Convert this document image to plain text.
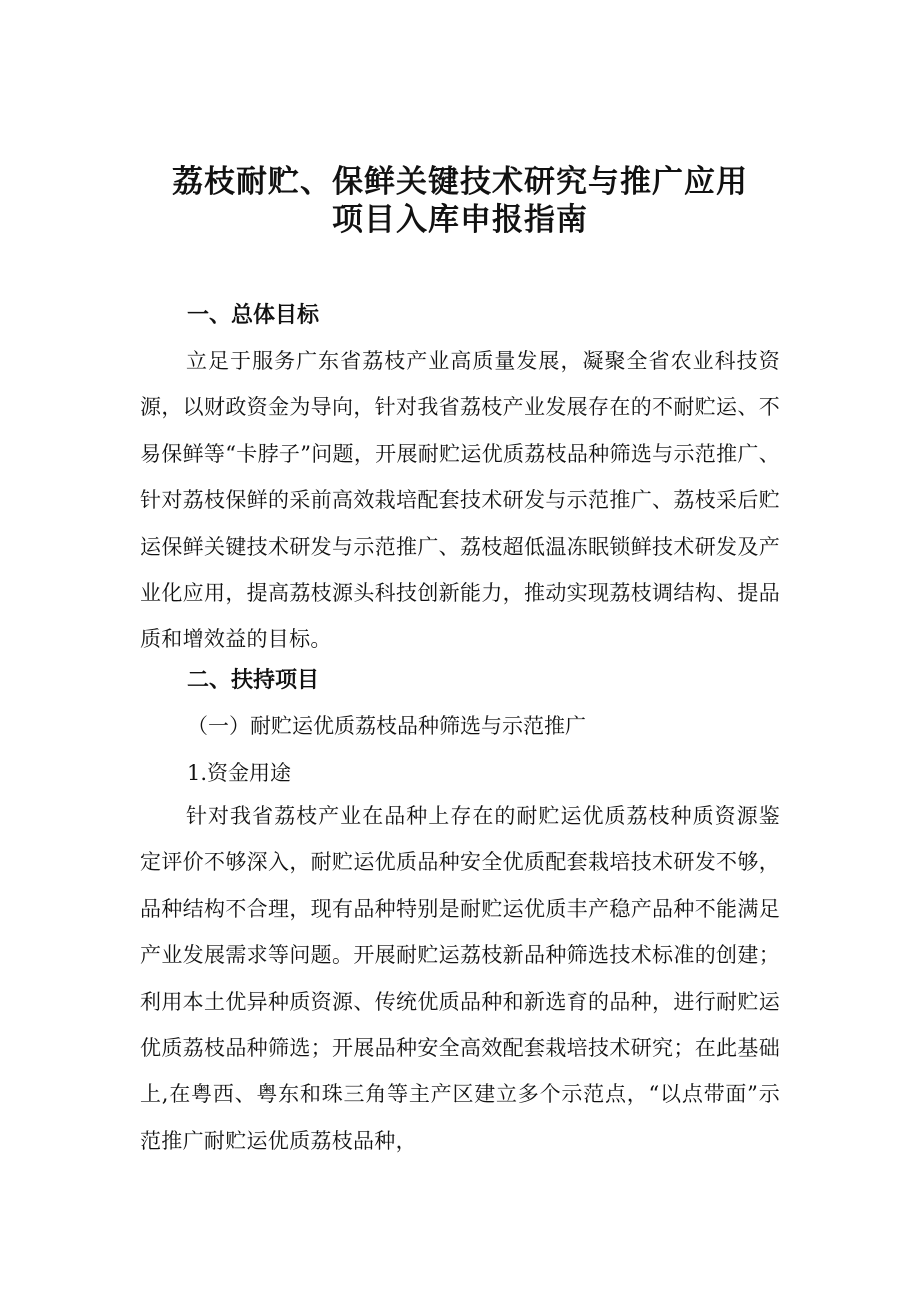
荔枝耐贮、保鲜关键技术研究与推广应用
项目入库申报指南
一、总体目标

立足于服务广东省荔枝产业高质量发展，凝聚全省农业科技资源，以财政资金为导向，针对我省荔枝产业发展存在的不耐贮运、不易保鲜等“卡脖子”问题，开展耐贮运优质荔枝品种筛选与示范推广、针对荔枝保鲜的采前高效栽培配套技术研发与示范推广、荔枝采后贮运保鲜关键技术研发与示范推广、荔枝超低温冻眠锁鲜技术研发及产业化应用，提高荔枝源头科技创新能力，推动实现荔枝调结构、提品质和增效益的目标。

二、扶持项目

（一）耐贮运优质荔枝品种筛选与示范推广

1.资金用途

针对我省荔枝产业在品种上存在的耐贮运优质荔枝种质资源鉴定评价不够深入，耐贮运优质品种安全优质配套栽培技术研发不够，品种结构不合理，现有品种特别是耐贮运优质丰产稳产品种不能满足产业发展需求等问题。开展耐贮运荔枝新品种筛选技术标准的创建；利用本土优异种质资源、传统优质品种和新选育的品种，进行耐贮运优质荔枝品种筛选；开展品种安全高效配套栽培技术研究；在此基础上,在粤西、粤东和珠三角等主产区建立多个示范点，“以点带面”示范推广耐贮运优质荔枝品种，
